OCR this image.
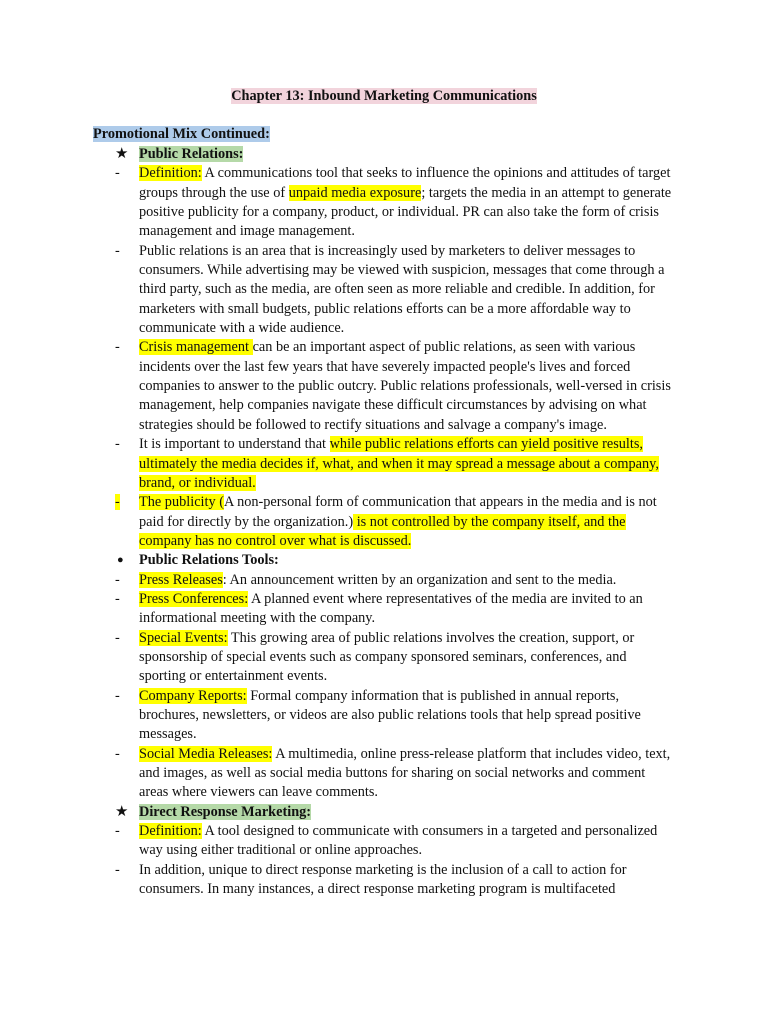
Chapter 13: Inbound Marketing Communications
Promotional Mix Continued:
★ Public Relations:
-	Definition: A communications tool that seeks to influence the opinions and attitudes of target groups through the use of unpaid media exposure; targets the media in an attempt to generate positive publicity for a company, product, or individual. PR can also take the form of crisis management and image management.
-	Public relations is an area that is increasingly used by marketers to deliver messages to consumers. While advertising may be viewed with suspicion, messages that come through a third party, such as the media, are often seen as more reliable and credible. In addition, for marketers with small budgets, public relations efforts can be a more affordable way to communicate with a wide audience.
-	Crisis management can be an important aspect of public relations, as seen with various incidents over the last few years that have severely impacted people's lives and forced companies to answer to the public outcry. Public relations professionals, well-versed in crisis management, help companies navigate these difficult circumstances by advising on what strategies should be followed to rectify situations and salvage a company's image.
-	It is important to understand that while public relations efforts can yield positive results, ultimately the media decides if, what, and when it may spread a message about a company, brand, or individual.
-	The publicity (A non-personal form of communication that appears in the media and is not paid for directly by the organization.) is not controlled by the company itself, and the company has no control over what is discussed.
●	Public Relations Tools:
-	Press Releases: An announcement written by an organization and sent to the media.
-	Press Conferences: A planned event where representatives of the media are invited to an informational meeting with the company.
-	Special Events: This growing area of public relations involves the creation, support, or sponsorship of special events such as company sponsored seminars, conferences, and sporting or entertainment events.
-	Company Reports: Formal company information that is published in annual reports, brochures, newsletters, or videos are also public relations tools that help spread positive messages.
-	Social Media Releases: A multimedia, online press-release platform that includes video, text, and images, as well as social media buttons for sharing on social networks and comment areas where viewers can leave comments.
★ Direct Response Marketing:
-	Definition: A tool designed to communicate with consumers in a targeted and personalized way using either traditional or online approaches.
-	In addition, unique to direct response marketing is the inclusion of a call to action for consumers. In many instances, a direct response marketing program is multifaceted
